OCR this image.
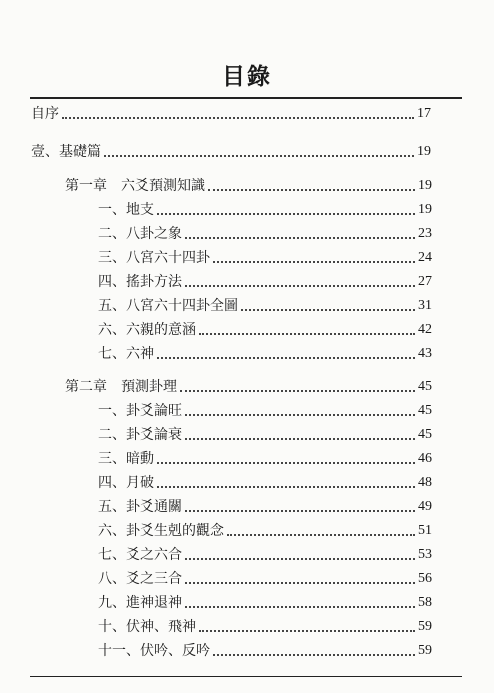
目錄
自序	17
壹、基礎篇	19
第一章 六爻預測知識	19
一、地支	19
二、八卦之象	23
三、八宮六十四卦	24
四、搖卦方法	27
五、八宮六十四卦全圖	31
六、六親的意涵	42
七、六神	43
第二章 預測卦理	45
一、卦爻論旺	45
二、卦爻論衰	45
三、暗動	46
四、月破	48
五、卦爻通關	49
六、卦爻生剋的觀念	51
七、爻之六合	53
八、爻之三合	56
九、進神退神	58
十、伏神、飛神	59
十一、伏吟、反吟	59
